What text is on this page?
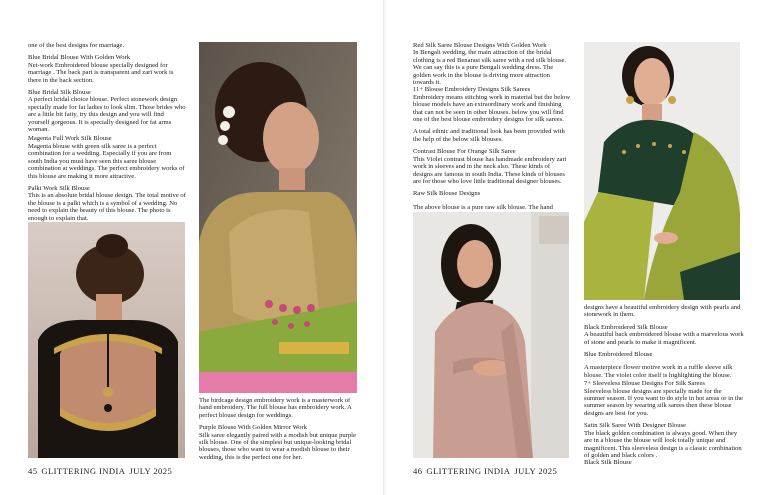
one of the best designs for marriage.

Blue Bridal Blouse With Golden Work
Net-work Embroidered blouse specially designed for marriage . The back part is transparent and zari work is there in the back section.

Blue Bridal Silk Blouse
A perfect bridal choice blouse. Perfect stonework design specially made for fat ladies to look slim. Those brides who are a little bit fatty, try this design and you will find yourself gorgeous. It is specially designed for fat arms woman.

Magenta Full Work Silk Blouse
Magenta blouse with green silk saree is a perfect combination for a wedding. Especially if you are from south India you must have seen this saree blouse combination at weddings. The perfect embroidery works of this blouse are making it more attractive.

Palki Work Silk Blouse
This is an absolute bridal blouse design. The total motive of the blouse is a palki which is a symbol of a wedding. No need to explain the beauty of this blouse. The photo is enough to explain that.

The birdcage design embroidery work is a masterwork of hand embroidery. The full blouse has embroidery work. A perfect blouse design for weddings.

Purple Blouse With Golden Mirror Work
Silk saree elegantly paired with a modish but unique purple silk blouse. One of the simplest but unique-looking bridal blouses, those who want to wear a modish blouse to their wedding, this is the perfect one for her.

45 GLITTERING INDIA JULY 2025

Red Silk Saree Blouse Designs With Golden Work
In Bengali wedding, the main attraction of the bridal clothing is a red Benarasi silk saree with a red silk blouse. We can say this is a pure Bengali wedding dress. The golden work in the blouse is driving more attraction towards it.

11+ Blouse Embroidery Designs Silk Sarees
Embroidery means stitching work in material but the below blouse models have an extraordinary work and finishing that can not be seen in other blouses. below you will find one of the best blouse embroidery designs for silk sarees.

A total ethnic and traditional look has been provided with the help of the below silk blouses.

Contrast Blouse For Orange Silk Saree
This Violet contrast blouse has handmade embroidery zari work in sleeves and in the neck also. These kinds of designs are famous in south India. These kinds of blouses are for those who love little traditional designer blouses.

Raw Silk Blouse Designs
The above blouse is a pure raw silk blouse. The hand

designs have a beautiful embroidery design with pearls and stonework in them.

Black Embroidered Silk Blouse
A beautiful back embroidered blouse with a marvelous work of stone and pearls to make it magnificent.

Blue Embroidered Blouse
A masterpiece flower motive work in a ruffle sleeve silk blouse. The violet color itself is highlighting the blouse.

7+ Sleeveless Blouse Designs For Silk Sarees
Sleeveless blouse designs are specially made for the summer season. If you want to do style in hot areas or in the summer season by wearing silk sarees then these blouse designs are best for you.

Satin Silk Saree With Designer Blouse
The black golden combination is always good. When they are in a blouse the blouse will look totally unique and magnificent. This sleeveless design is a classic combination of golden and black colors .
Black Silk Blouse

46 GLITTERING INDIA JULY 2025
